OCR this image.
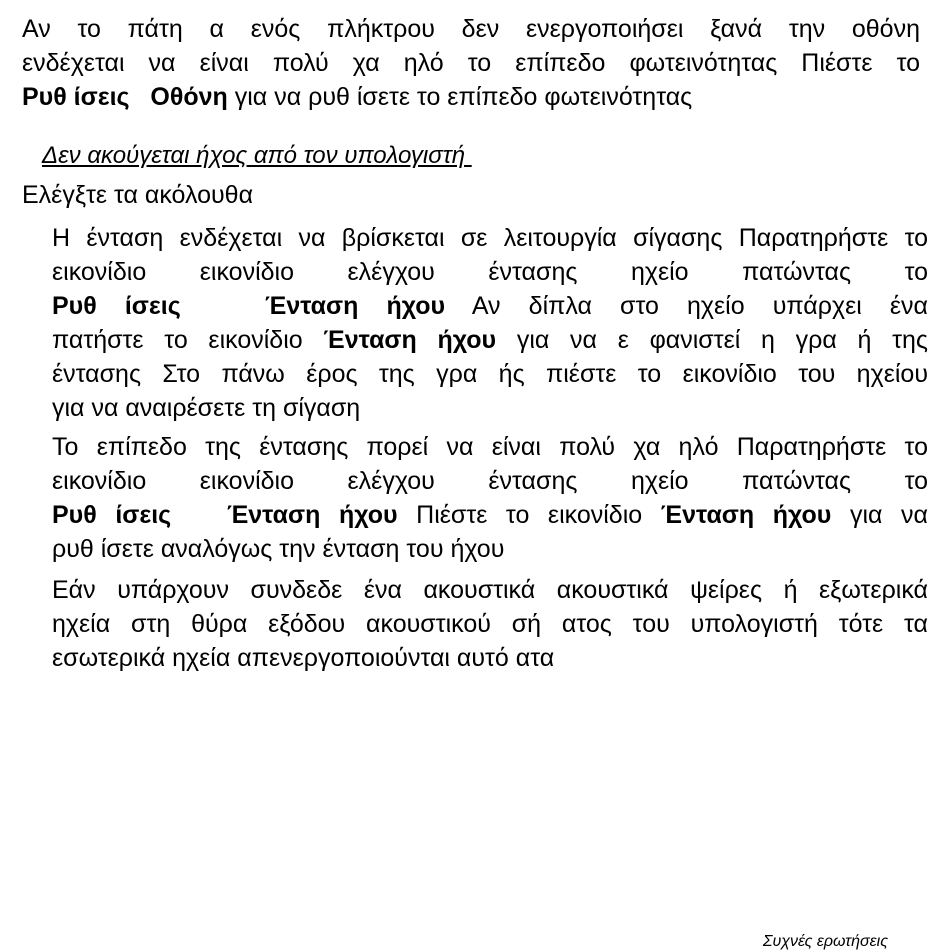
Αν το πάτη α ενός πλήκτρου δεν ενεργοποιήσει ξανά την οθόνη
ενδέχεται να είναι πολύ χα ηλό το επίπεδο φωτεινότητας Πιέστε το
Ρυθ ίσεις   Οθόνη για να ρυθ ίσετε το επίπεδο φωτεινότητας
Δεν ακούγεται ήχος από τον υπολογιστή
Ελέγξτε τα ακόλουθα
Η ένταση ενδέχεται να βρίσκεται σε λειτουργία σίγασης Παρατηρήστε το
εικονίδιο εικονίδιο ελέγχου έντασης ηχείο πατώντας το
Ρυθ ίσεις   Ένταση ήχου Αν δίπλα στο ηχείο υπάρχει ένα
πατήστε το εικονίδιο Ένταση ήχου για να ε φανιστεί η γρα ή της
έντασης Στο πάνω έρος της γρα ής πιέστε το εικονίδιο του ηχείου
για να αναιρέσετε τη σίγαση
Το επίπεδο της έντασης πορεί να είναι πολύ χα ηλό Παρατηρήστε το
εικονίδιο εικονίδιο ελέγχου έντασης ηχείο πατώντας το
Ρυθ ίσεις   Ένταση ήχου Πιέστε το εικονίδιο Ένταση ήχου για να
ρυθ ίσετε αναλόγως την ένταση του ήχου
Εάν υπάρχουν συνδεδε ένα ακουστικά ακουστικά ψείρες ή εξωτερικά
ηχεία στη θύρα εξόδου ακουστικού σή ατος του υπολογιστή τότε τα
εσωτερικά ηχεία απενεργοποιούνται αυτό ατα
Συχνές ερωτήσεις
